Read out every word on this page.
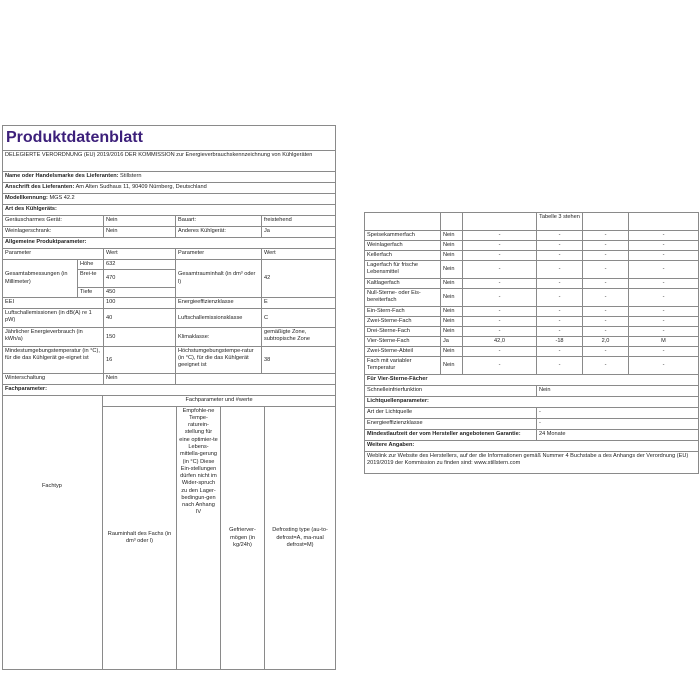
Produktdatenblatt			
DELEGIERTE VERORDNUNG (EU) 2019/2016 DER KOMMISSION zur Energieverbrauchskennzeichnung von Kühlgeräten			
Name oder Handelsmarke des Lieferanten: Stillstern			
Anschrift des Lieferanten: Am Alten Sudhaus 11, 90409 Nürnberg, Deutschland			
Modellkennung: MGS 42.2			
Art des Kühlgeräts:			
Geräuscharmes Gerät:	Nein	Bauart:	freistehend
Weinlagerschrank:	Nein	Anderes Kühlgerät:	Ja
Allgemeine Produktparameter:			
Parameter	Wert	Parameter	Wert
Gesamtabmessungen (in Millimeter)	Höhe	632	Gesamtrauminhalt (in dm³ oder l)	42
	Brei-te	470		
	Tiefe	450		
EEI		100	Energieeffizienzklasse	E
Luftschallemissionen (in dB(A) re 1 pW)		40	Luftschallemissionsklasse	C
Jährlicher Energieverbrauch (in kWh/a)		150	Klimaklasse:	gemäßigte Zone, subtropische Zone
Mindestumgebungstemperatur (in °C), für die das Kühlgerät ge-eignet ist		16	Höchstumgebungstempe-ratur (in °C), für die das Kühlgerät geeignet ist	38
Winterschaltung		Nein		
Fachparameter:				
	Fachparameter und #werte			
	Rauminhalt des Fachs (in dm³ oder l)	Empfohle-ne Tempe-raturein-stellung für eine optimier-te Lebens-mittella-gerung (in °C) Diese Ein-stellungen dürfen nicht im Wider-spruch zu den Lager-bedingun-gen nach Anhang IV	Gefrierver-mögen (in kg/24h)	Defrosting type (au-to-defrost=A, ma-nual defrost=M)

Fachtyp
			Tabelle 3 stehen		
Speisekammerfach	Nein	-	-	-	-
Weinlagerfach	Nein	-	-	-	-
Kellerfach	Nein	-	-	-	-
Lagerfach für frische Lebensmittel	Nein	-	-	-	-
Kaltlagerfach	Nein	-	-	-	-
Null-Sterne- oder Eis-bereiterfach	Nein	-	-	-	-
Ein-Stern-Fach	Nein	-	-	-	-
Zwei-Sterne-Fach	Nein	-	-	-	-
Drei-Sterne-Fach	Nein	-	-	-	-
Vier-Sterne-Fach	Ja	42,0	-18	2,0	M
Zwei-Sterne-Abteil	Nein	-	-	-	-
Fach mit variabler Temperatur	Nein	-	-	-	-
Für Vier-Sterne-Fächer	
Schnelleinfrierfunktion	Nein
Lichtquellenparameter:	
Art der Lichtquelle	-
Energieeffizienzklasse	-
Mindestlaufzeit der vom Hersteller angebotenen Garantie:	24 Monate
Weitere Angaben:	
Weblink zur Website des Herstellers, auf der die Informationen gemäß Nummer 4 Buchstabe a des Anhangs der Verordnung (EU) 2019/2019 der Kommission zu finden sind: www.stillstern.com	
